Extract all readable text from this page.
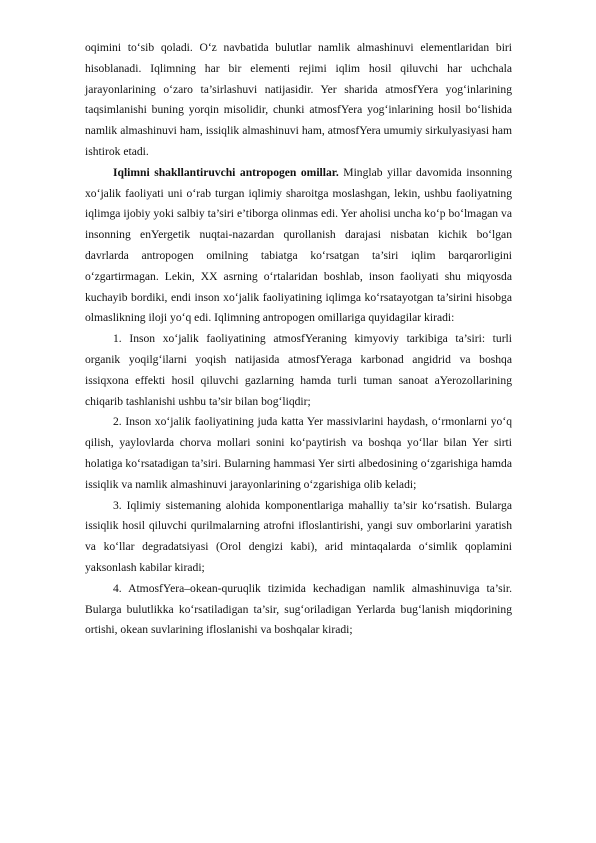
oqimini to‘sib qoladi. O‘z navbatida bulutlar namlik almashinuvi elementlaridan biri hisoblanadi. Iqlimning har bir elementi rejimi iqlim hosil qiluvchi har uchchala jarayonlarining o‘zaro ta’sirlashuvi natijasidir. Yer sharida atmosfYera yog‘inlarining taqsimlanishi buning yorqin misolidir, chunki atmosfYera yog‘inlarining hosil bo‘lishida namlik almashinuvi ham, issiqlik almashinuvi ham, atmosfYera umumiy sirkulyasiyasi ham ishtirok etadi.

Iqlimni shakllantiruvchi antropogen omillar. Minglab yillar davomida insonning xo‘jalik faoliyati uni o‘rab turgan iqlimiy sharoitga moslashgan, lekin, ushbu faoliyatning iqlimga ijobiy yoki salbiy ta’siri e’tiborga olinmas edi. Yer aholisi uncha ko‘p bo‘lmagan va insonning enYergetik nuqtai-nazardan qurollanish darajasi nisbatan kichik bo‘lgan davrlarda antropogen omilning tabiatga ko‘rsatgan ta’siri iqlim barqarorligini o‘zgartirmagan. Lekin, XX asrning o‘rtalaridan boshlab, inson faoliyati shu miqyosda kuchayib bordiki, endi inson xo‘jalik faoliyatining iqlimga ko‘rsatayotgan ta’sirini hisobga olmaslikning iloji yo‘q edi. Iqlimning antropogen omillariga quyidagilar kiradi:

1. Inson xo‘jalik faoliyatining atmosfYeraning kimyoviy tarkibiga ta’siri: turli organik yoqilg‘ilarni yoqish natijasida atmosfYeraga karbonad angidrid va boshqa issiqxona effekti hosil qiluvchi gazlarning hamda turli tuman sanoat aYerozollarining chiqarib tashlanishi ushbu ta’sir bilan bog‘liqdir;

2. Inson xo‘jalik faoliyatining juda katta Yer massivlarini haydash, o‘rmonlarni yo‘q qilish, yaylovlarda chorva mollari sonini ko‘paytirish va boshqa yo‘llar bilan Yer sirti holatiga ko‘rsatadigan ta’siri. Bularning hammasi Yer sirti albedosining o‘zgarishiga hamda issiqlik va namlik almashinuvi jarayonlarining o‘zgarishiga olib keladi;

3. Iqlimiy sistemaning alohida komponentlariga mahalliy ta’sir ko‘rsatish. Bularga issiqlik hosil qiluvchi qurilmalarning atrofni ifloslantirishi, yangi suv omborlarini yaratish va ko‘llar degradatsiyasi (Orol dengizi kabi), arid mintaqalarda o‘simlik qoplamini yaksonlash kabilar kiradi;

4. AtmosfYera–okean-quruqlik tizimida kechadigan namlik almashinuviga ta’sir. Bularga bulutlikka ko‘rsatiladigan ta’sir, sug‘oriladigan Yerlarda bug‘lanish miqdorining ortishi, okean suvlarining ifloslanishi va boshqalar kiradi;
